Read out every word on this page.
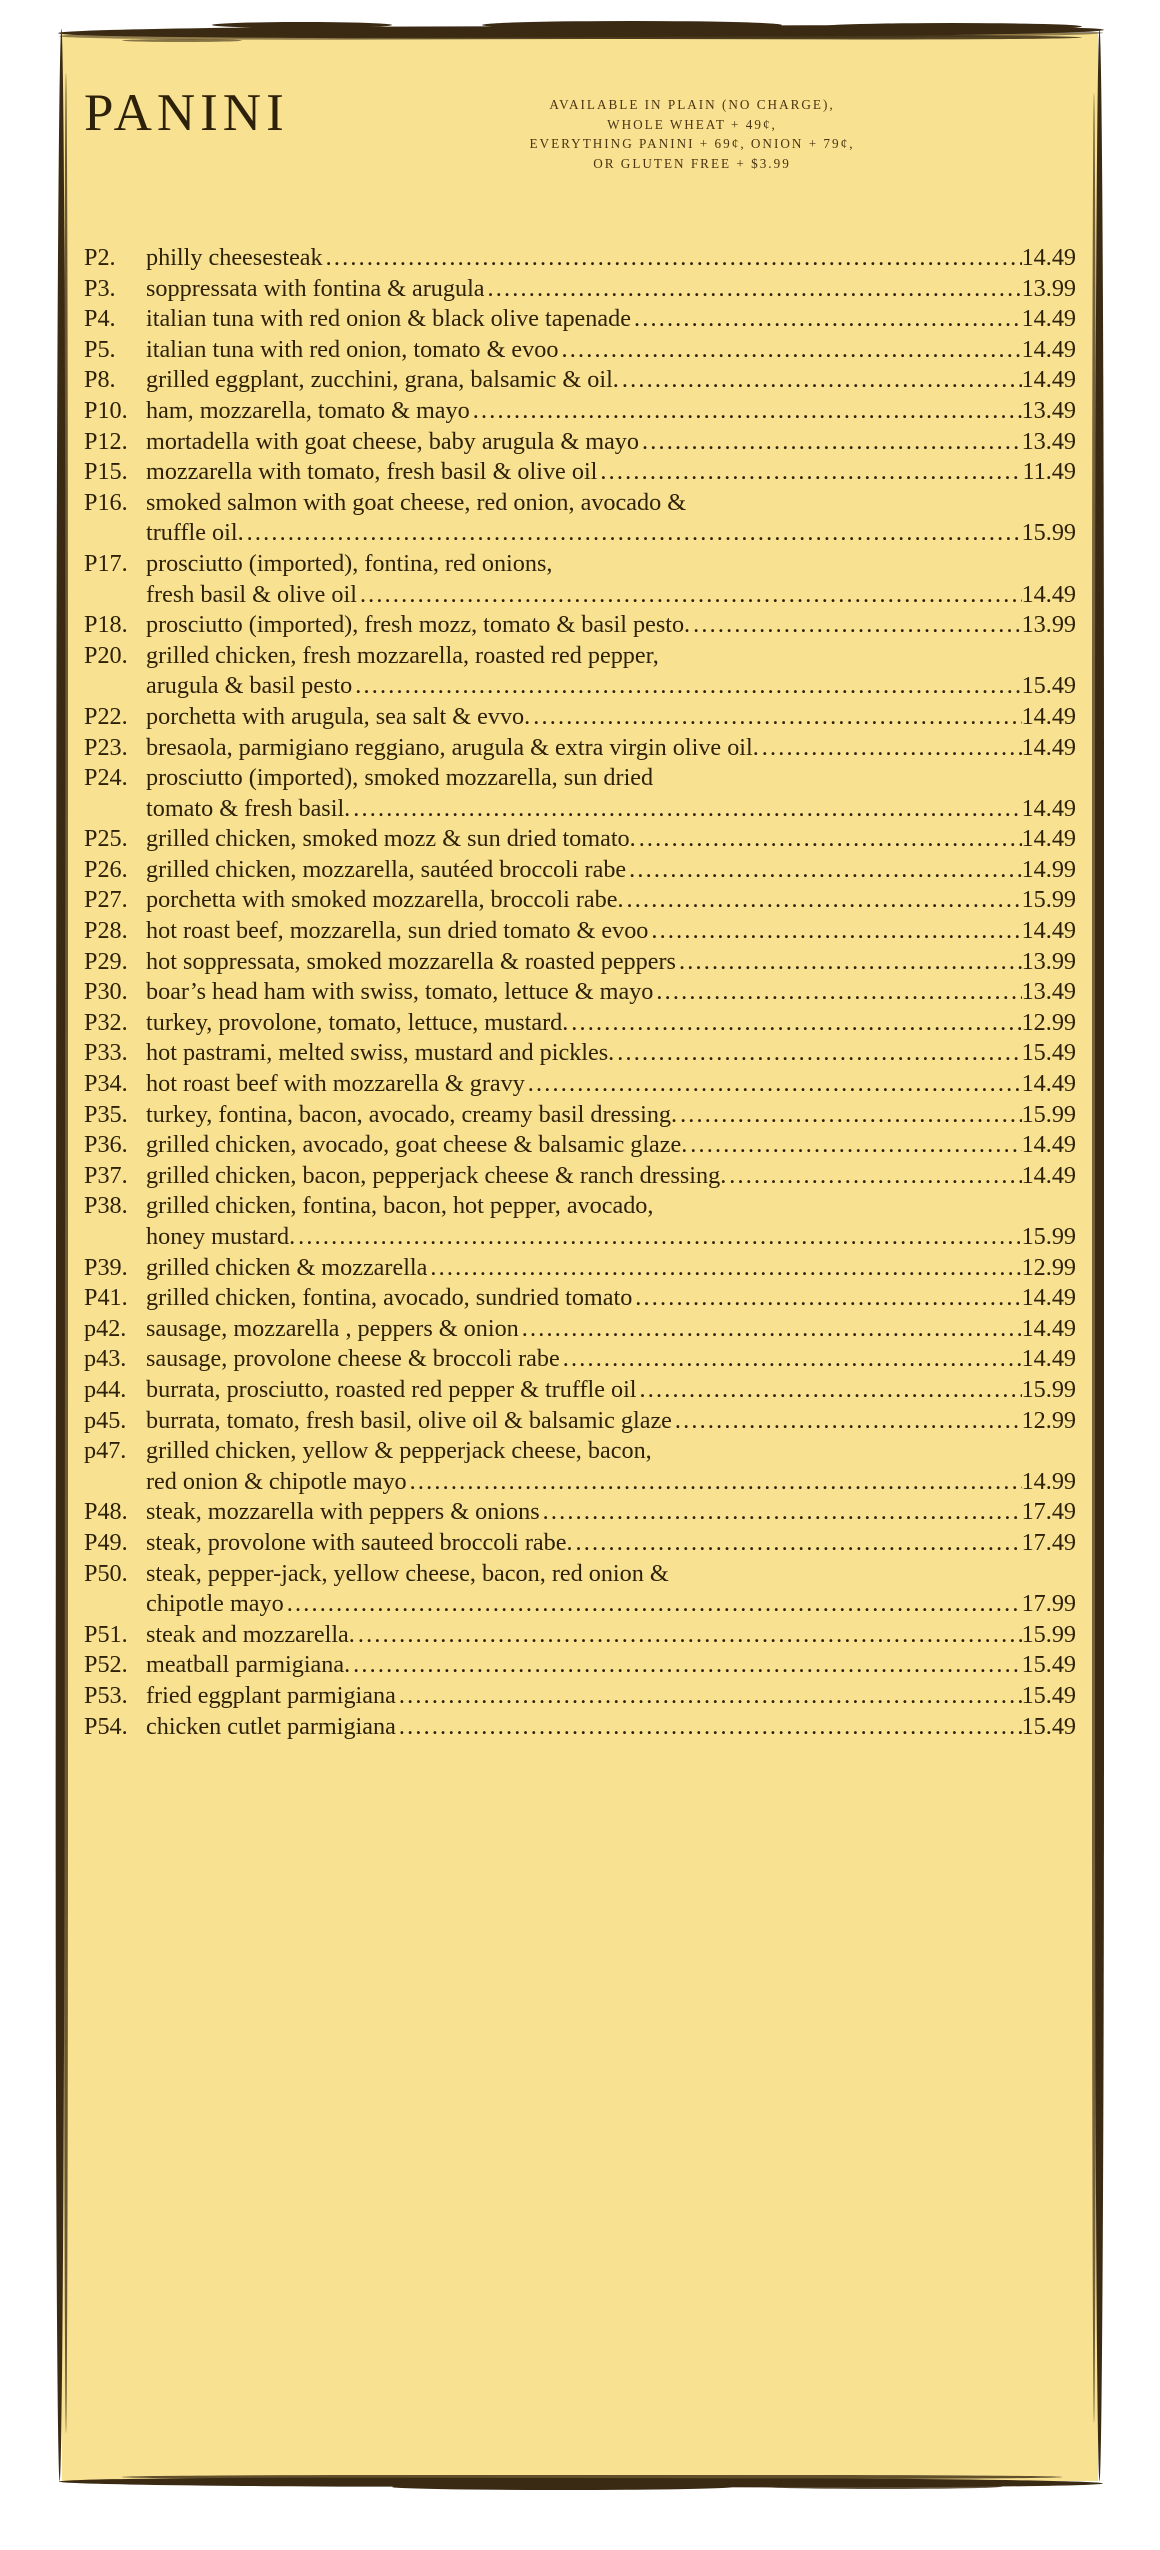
PANINI	AVAILABLE IN PLAIN (NO CHARGE),
WHOLE WHEAT + 49¢,
EVERYTHING PANINI + 69¢, ONION + 79¢,
OR GLUTEN FREE + $3.99
P2.	philly cheesesteak .....	14.49
P3.	soppressata with fontina & arugula .....	13.99
P4.	italian tuna with red onion & black olive tapenade .....	14.49
P5.	italian tuna with red onion, tomato & evoo .....	14.49
P8.	grilled eggplant, zucchini, grana, balsamic & oil. .....	14.49
P10. ham, mozzarella, tomato & mayo .....	13.49
P12. mortadella with goat cheese, baby arugula & mayo .....	13.49
P15. mozzarella with tomato, fresh basil & olive oil .....	11.49
P16. smoked salmon with goat cheese, red onion, avocado &
truffle oil. .....	15.99
P17. prosciutto (imported), fontina, red onions,
fresh basil & olive oil .....	14.49
P18. prosciutto (imported), fresh mozz, tomato & basil pesto. .....	13.99
P20. grilled chicken, fresh mozzarella, roasted red pepper,
arugula & basil pesto .....	15.49
P22. porchetta with arugula, sea salt & evvo. .....	14.49
P23. bresaola, parmigiano reggiano, arugula & extra virgin olive oil. .....	14.49
P24. prosciutto (imported), smoked mozzarella, sun dried
tomato & fresh basil. .....	14.49
P25. grilled chicken, smoked mozz & sun dried tomato. .....	14.49
P26. grilled chicken, mozzarella, sautéed broccoli rabe .....	14.99
P27. porchetta with smoked mozzarella, broccoli rabe. .....	15.99
P28. hot roast beef, mozzarella, sun dried tomato & evoo .....	14.49
P29. hot soppressata, smoked mozzarella & roasted peppers .....	13.99
P30. boar’s head ham with swiss, tomato, lettuce & mayo .....	13.49
P32. turkey, provolone, tomato, lettuce, mustard. .....	12.99
P33. hot pastrami, melted swiss, mustard and pickles. .....	15.49
P34. hot roast beef with mozzarella & gravy .....	14.49
P35. turkey, fontina, bacon, avocado, creamy basil dressing. .....	15.99
P36. grilled chicken, avocado, goat cheese & balsamic glaze. .....	14.49
P37. grilled chicken, bacon, pepperjack cheese & ranch dressing. .....	14.49
P38. grilled chicken, fontina, bacon, hot pepper, avocado,
honey mustard. .....	15.99
P39. grilled chicken & mozzarella .....	12.99
P41. grilled chicken, fontina, avocado, sundried tomato .....	14.49
p42. sausage, mozzarella , peppers & onion .....	14.49
p43. sausage, provolone cheese & broccoli rabe .....	14.49
p44. burrata, prosciutto, roasted red pepper & truffle oil .....	15.99
p45. burrata, tomato, fresh basil, olive oil & balsamic glaze .....	12.99
p47. grilled chicken, yellow & pepperjack cheese, bacon,
red onion & chipotle mayo .....	14.99
P48. steak, mozzarella with peppers & onions .....	17.49
P49. steak, provolone with sauteed broccoli rabe. .....	17.49
P50. steak, pepper-jack, yellow cheese, bacon, red onion &
chipotle mayo .....	17.99
P51. steak and mozzarella. .....	15.99
P52. meatball parmigiana. .....	15.49
P53. fried eggplant parmigiana .....	15.49
P54. chicken cutlet parmigiana .....	15.49
